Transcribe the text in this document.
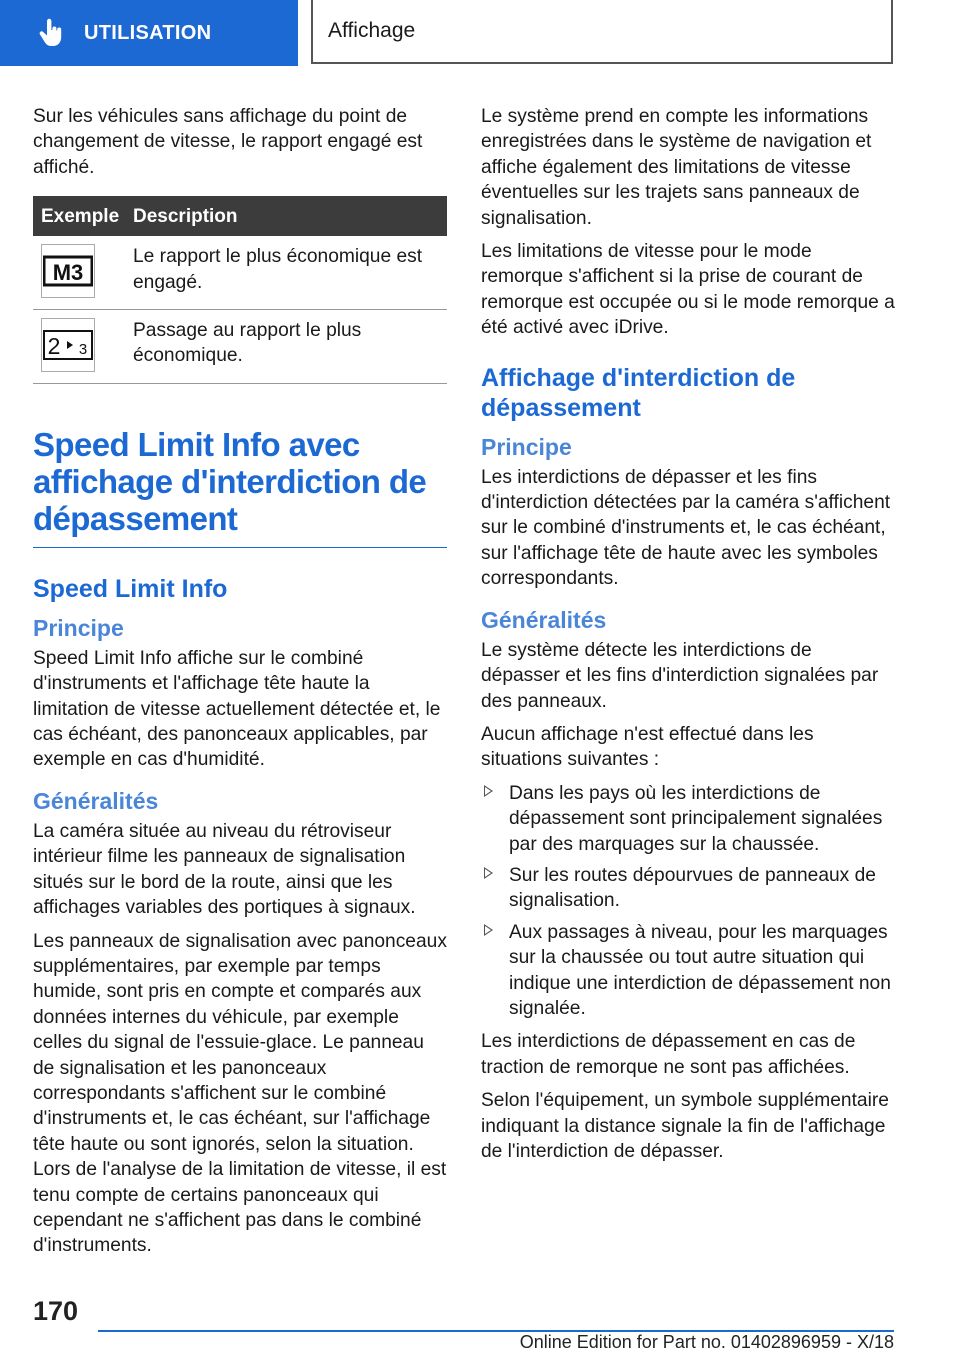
UTILISATION	Affichage

Sur les véhicules sans affichage du point de changement de vitesse, le rapport engagé est affiché.

Exemple	Description

M3	Le rapport le plus économique est engagé.

2 3	Passage au rapport le plus économique.
Speed Limit Info avec affichage d'interdiction de dépassement
Speed Limit Info
Principe

Speed Limit Info affiche sur le combiné d'instruments et l'affichage tête haute la limitation de vitesse actuellement détectée et, le cas échéant, des panonceaux applicables, par exemple en cas d'humidité.

Généralités

La caméra située au niveau du rétroviseur intérieur filme les panneaux de signalisation situés sur le bord de la route, ainsi que les affichages variables des portiques à signaux.

Les panneaux de signalisation avec panonceaux supplémentaires, par exemple par temps humide, sont pris en compte et comparés aux données internes du véhicule, par exemple celles du signal de l'essuie-glace. Le panneau de signalisation et les panonceaux correspondants s'affichent sur le combiné d'instruments et, le cas échéant, sur l'affichage tête haute ou sont ignorés, selon la situation. Lors de l'analyse de la limitation de vitesse, il est tenu compte de certains panonceaux qui cependant ne s'affichent pas dans le combiné d'instruments.

Le système prend en compte les informations enregistrées dans le système de navigation et affiche également des limitations de vitesse éventuelles sur les trajets sans panneaux de signalisation.

Les limitations de vitesse pour le mode remorque s'affichent si la prise de courant de remorque est occupée ou si le mode remorque a été activé avec iDrive.

Affichage d'interdiction de dépassement
Principe

Les interdictions de dépasser et les fins d'interdiction détectées par la caméra s'affichent sur le combiné d'instruments et, le cas échéant, sur l'affichage tête de haute avec les symboles correspondants.

Généralités

Le système détecte les interdictions de dépasser et les fins d'interdiction signalées par des panneaux.

Aucun affichage n'est effectué dans les situations suivantes :

Dans les pays où les interdictions de dépassement sont principalement signalées par des marquages sur la chaussée.
Sur les routes dépourvues de panneaux de signalisation.
Aux passages à niveau, pour les marquages sur la chaussée ou tout autre situation qui indique une interdiction de dépassement non signalée.

Les interdictions de dépassement en cas de traction de remorque ne sont pas affichées.

Selon l'équipement, un symbole supplémentaire indiquant la distance signale la fin de l'affichage de l'interdiction de dépasser.

170
Online Edition for Part no. 01402896959 - X/18
